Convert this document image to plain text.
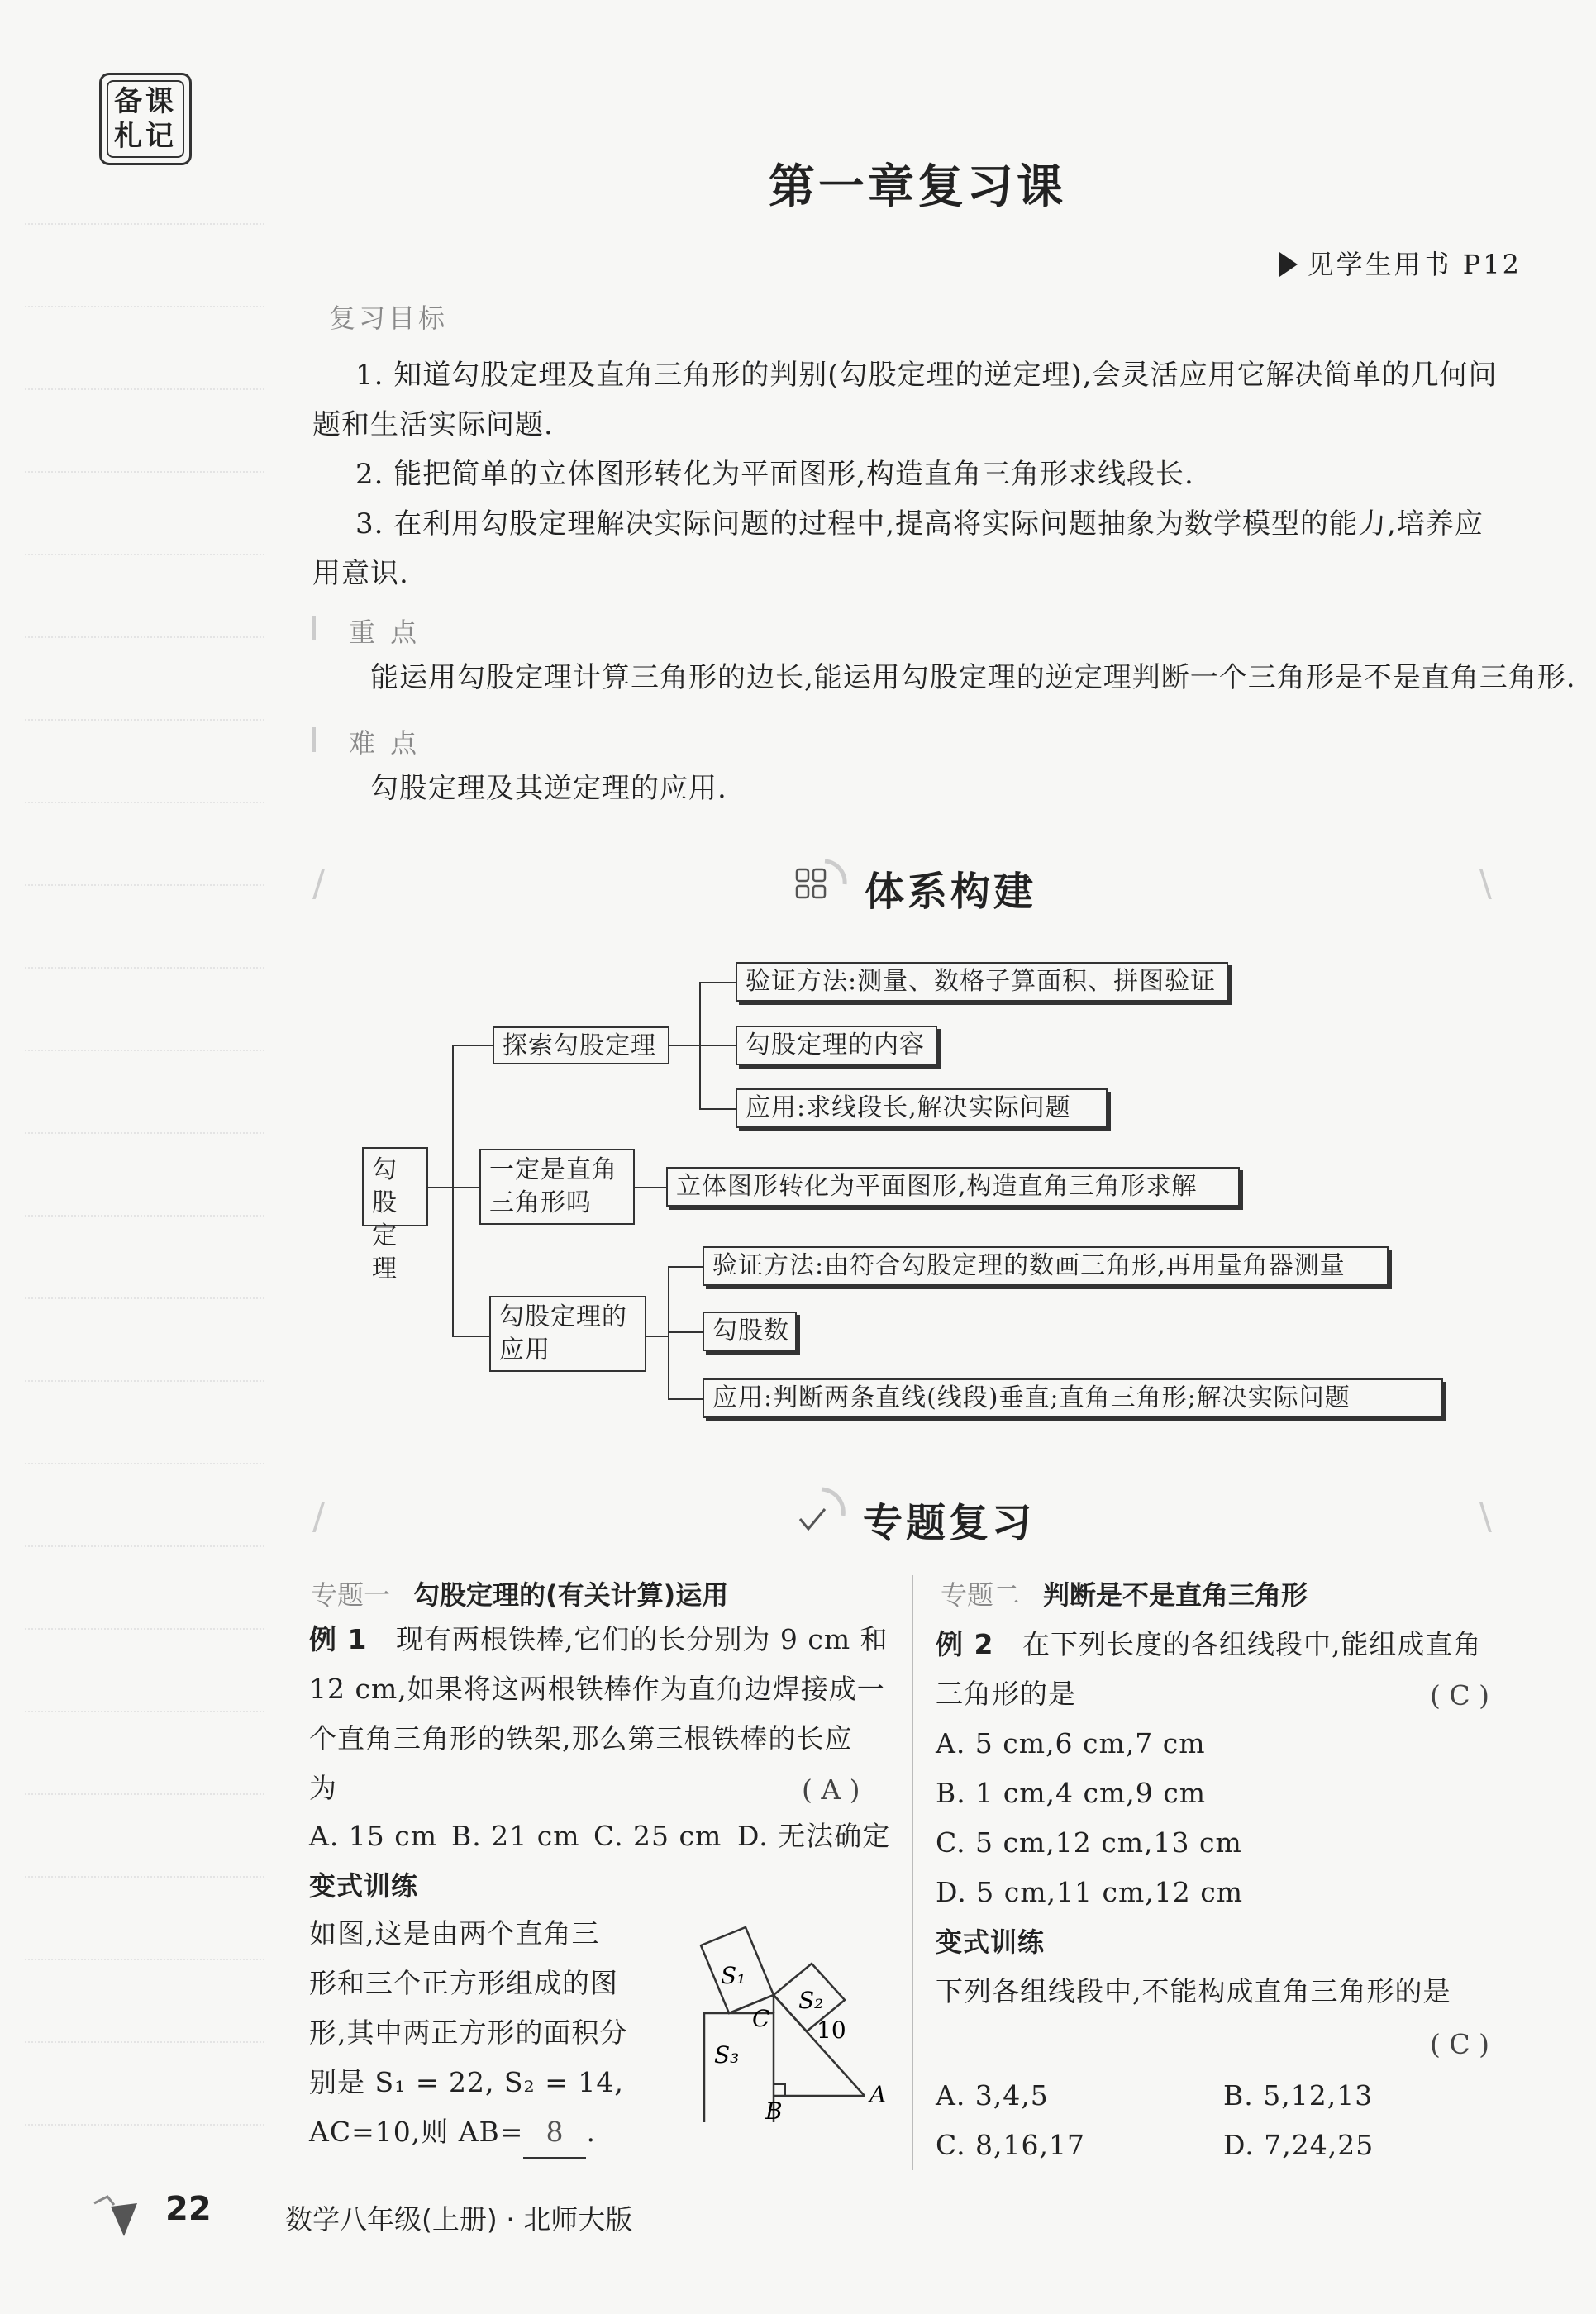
备课
札记
第一章复习课
见学生用书 P12
复习目标
1. 知道勾股定理及直角三角形的判别(勾股定理的逆定理),会灵活应用它解决简单的几何问
题和生活实际问题.
2. 能把简单的立体图形转化为平面图形,构造直角三角形求线段长.
3. 在利用勾股定理解决实际问题的过程中,提高将实际问题抽象为数学模型的能力,培养应
用意识.
重 点
能运用勾股定理计算三角形的边长,能运用勾股定理的逆定理判断一个三角形是不是直角三角形.
难 点
勾股定理及其逆定理的应用.
/	\
体系构建
勾股
定理
探索勾股定理
一定是直角
三角形吗
勾股定理的
应用
验证方法:测量、数格子算面积、拼图验证
勾股定理的内容
应用:求线段长,解决实际问题
立体图形转化为平面图形,构造直角三角形求解
验证方法:由符合勾股定理的数画三角形,再用量角器测量
勾股数
应用:判断两条直线(线段)垂直;直角三角形;解决实际问题
/	\
专题复习
专题一 勾股定理的(有关计算)运用
例 1 现有两根铁棒,它们的长分别为 9 cm 和
12 cm,如果将这两根铁棒作为直角边焊接成一
个直角三角形的铁架,那么第三根铁棒的长应
为	( A )
A. 15 cm B. 21 cm C. 25 cm D. 无法确定
变式训练
如图,这是由两个直角三
形和三个正方形组成的图
形,其中两正方形的面积分
别是 S₁ = 22, S₂ = 14,
AC=10,则 AB= 8 .
S₁
S₂
S₃
C 10
A
B
专题二 判断是不是直角三角形
例 2 在下列长度的各组线段中,能组成直角
三角形的是	( C )
A. 5 cm,6 cm,7 cm
B. 1 cm,4 cm,9 cm
C. 5 cm,12 cm,13 cm
D. 5 cm,11 cm,12 cm
变式训练
下列各组线段中,不能构成直角三角形的是
( C )
A. 3,4,5	B. 5,12,13
C. 8,16,17	D. 7,24,25
22	数学八年级(上册) · 北师大版
